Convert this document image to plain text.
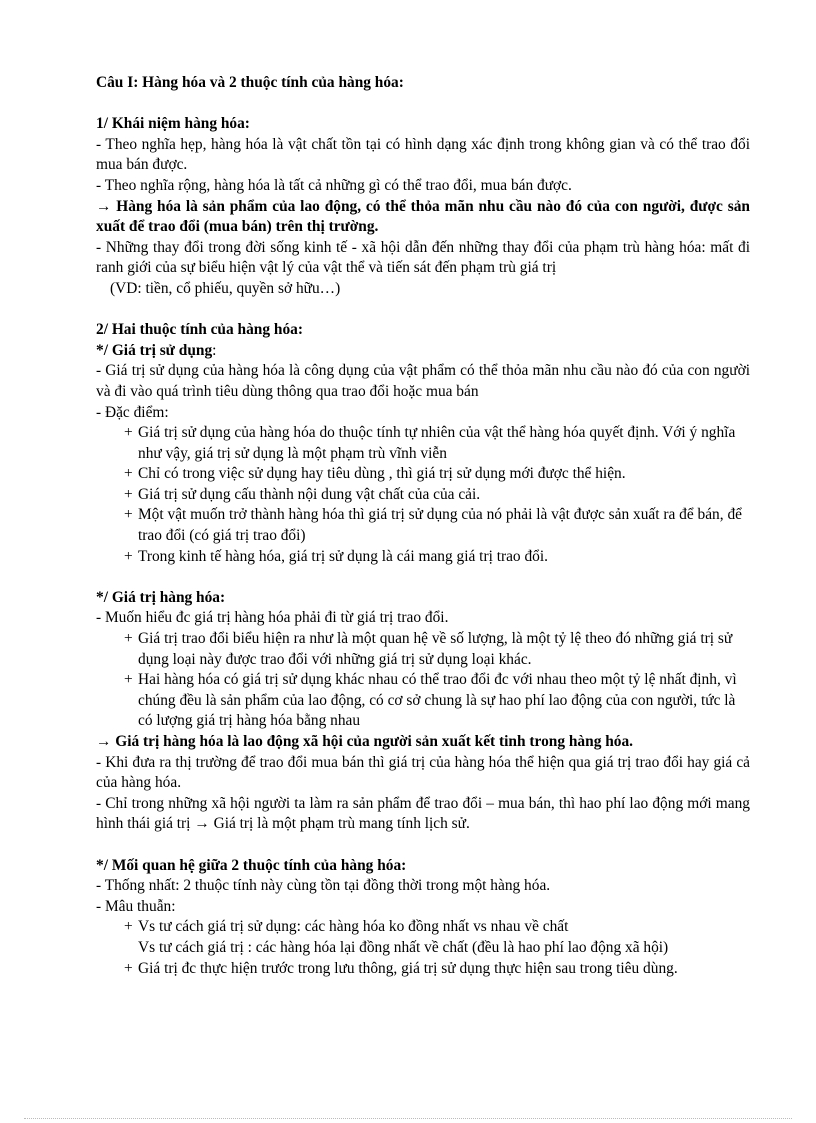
Câu I: Hàng hóa và 2 thuộc tính của hàng hóa:

1/ Khái niệm hàng hóa:

- Theo nghĩa hẹp, hàng hóa là vật chất tồn tại có hình dạng xác định trong không gian và có thể trao đổi mua bán được.

- Theo nghĩa rộng, hàng hóa là tất cả những gì có thể trao đổi, mua bán được.

→ Hàng hóa là sản phẩm của lao động, có thể thỏa mãn nhu cầu nào đó của con người, được sản xuất để trao đổi (mua bán) trên thị trường.

- Những thay đổi trong đời sống kinh tế - xã hội dẫn đến những thay đổi của phạm trù hàng hóa: mất đi ranh giới của sự biểu hiện vật lý của vật thể và tiến sát đến phạm trù giá trị

(VD: tiền, cổ phiếu, quyền sở hữu…)

2/ Hai thuộc tính của hàng hóa:

*/ Giá trị sử dụng:

- Giá trị sử dụng của hàng hóa là công dụng của vật phẩm có thể thỏa mãn nhu cầu nào đó của con người và đi vào quá trình tiêu dùng thông qua trao đổi hoặc mua bán

- Đặc điểm:

+ Giá trị sử dụng của hàng hóa do thuộc tính tự nhiên của vật thể hàng hóa quyết định. Với ý nghĩa như vậy, giá trị sử dụng là một phạm trù vĩnh viễn
+ Chỉ có trong việc sử dụng hay tiêu dùng , thì giá trị sử dụng mới được thể hiện.
+ Giá trị sử dụng cấu thành nội dung vật chất của của cải.
+ Một vật muốn trở thành hàng hóa thì giá trị sử dụng của nó phải là vật được sản xuất ra để bán, để trao đổi (có giá trị trao đổi)
+ Trong kinh tế hàng hóa, giá trị sử dụng là cái mang giá trị trao đổi.

*/ Giá trị hàng hóa:

- Muốn hiểu đc giá trị hàng hóa phải đi từ giá trị trao đổi.

+ Giá trị trao đổi biểu hiện ra như là một quan hệ về số lượng, là một tỷ lệ theo đó những giá trị sử dụng loại này được trao đổi với những giá trị sử dụng loại khác.
+ Hai hàng hóa có giá trị sử dụng khác nhau có thể trao đổi đc với nhau theo một tỷ lệ nhất định, vì chúng đều là sản phẩm của lao động, có cơ sở chung là sự hao phí lao động của con người, tức là có lượng giá trị hàng hóa bằng nhau

→ Giá trị hàng hóa là lao động xã hội của người sản xuất kết tinh trong hàng hóa.

- Khi đưa ra thị trường để trao đổi mua bán thì giá trị của hàng hóa thể hiện qua giá trị trao đổi hay giá cả của hàng hóa.

- Chỉ trong những xã hội người ta làm ra sản phẩm để trao đổi – mua bán, thì hao phí lao động mới mang hình thái giá trị → Giá trị là một phạm trù mang tính lịch sử.

*/ Mối quan hệ giữa 2 thuộc tính của hàng hóa:

- Thống nhất: 2 thuộc tính này cùng tồn tại đồng thời trong một hàng hóa.

- Mâu thuẫn:

+ Vs tư cách giá trị sử dụng: các hàng hóa ko đồng nhất vs nhau về chất
Vs tư cách giá trị : các hàng hóa lại đồng nhất về chất (đều là hao phí lao động xã hội)
+ Giá trị đc thực hiện trước trong lưu thông, giá trị sử dụng thực hiện sau trong tiêu dùng.
